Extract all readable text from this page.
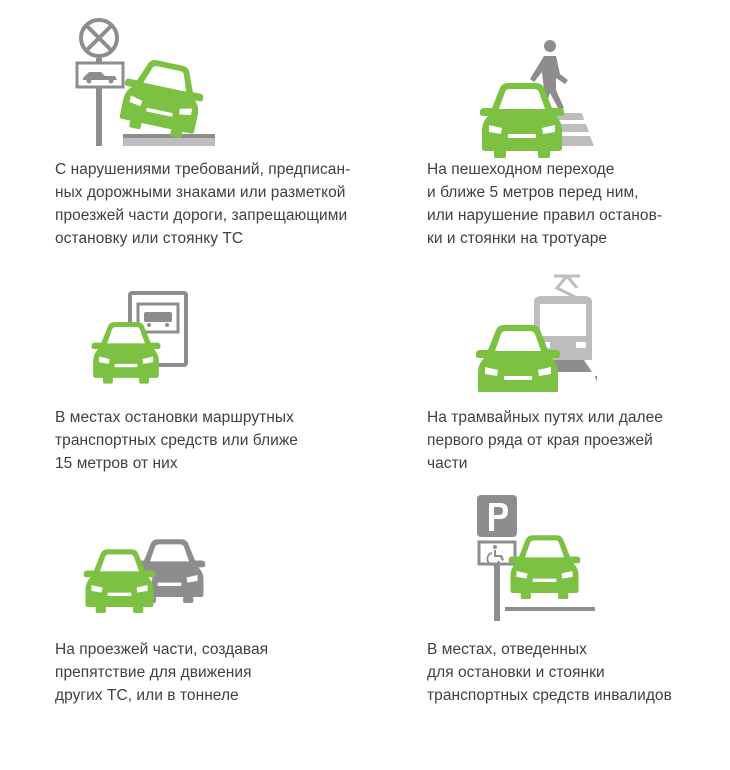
С нарушениями требований, предписан-
ных дорожными знаками или разметкой
проезжей части дороги, запрещающими
остановку или стоянку ТС
На пешеходном переходе
и ближе 5 метров перед ним,
или нарушение правил останов-
ки и стоянки на тротуаре
В местах остановки маршрутных
транспортных средств или ближе
15 метров от них
На трамвайных путях или далее
первого ряда от края проезжей
части
На проезжей части, создавая
препятствие для движения
других ТС, или в тоннеле
В местах, отведенных
для остановки и стоянки
транспортных средств инвалидов
